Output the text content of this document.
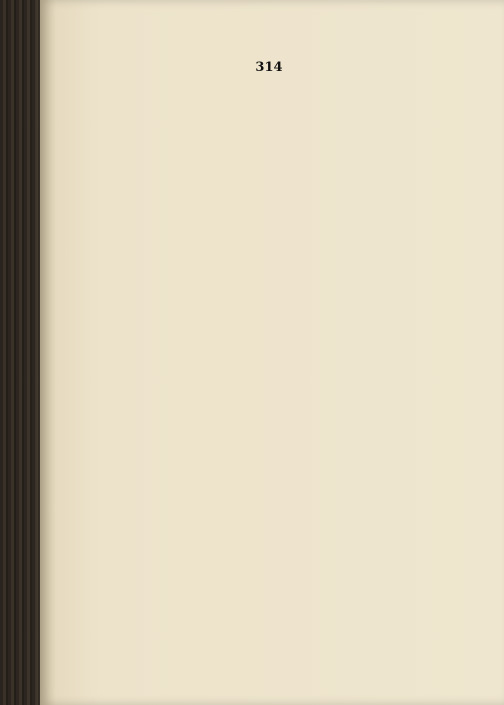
314
